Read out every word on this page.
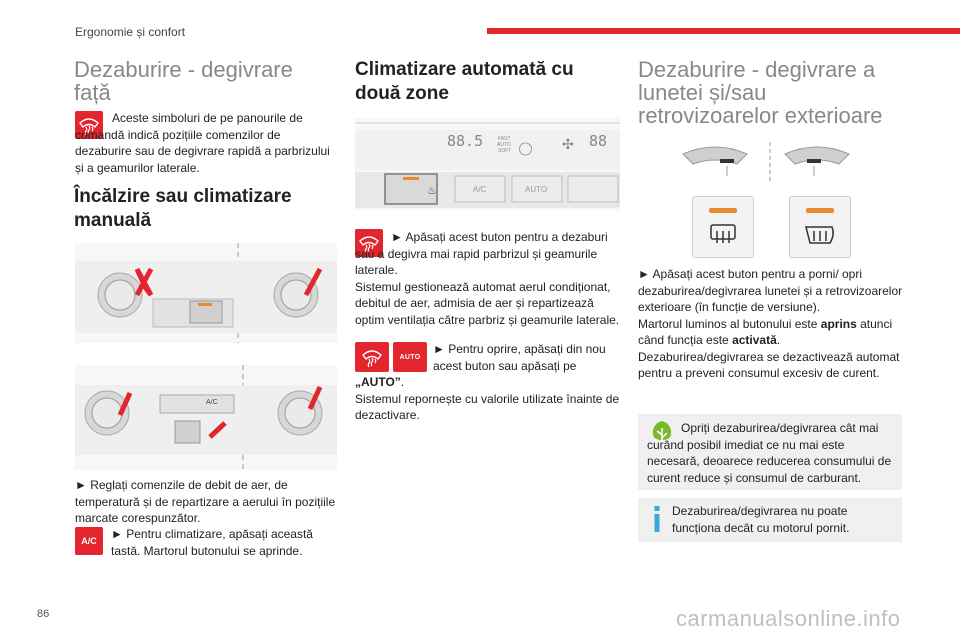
Ergonomie și confort
Dezaburire - degivrare față

Aceste simboluri de pe panourile de comandă indică pozițiile comenzilor de dezaburire sau de degivrare rapidă a parbrizului și a geamurilor laterale.

Încălzire sau climatizare manuală
A/C

► Reglați comenzile de debit de aer, de temperatură și de repartizare a aerului în pozițiile marcate corespunzător.

A/C ► Pentru climatizare, apăsați această tastă. Martorul butonului se aprinde.

Climatizare automată cu două zone
88.5	FAST
AUTO
SOFT	✣ 88
♨	A/C	AUTO

► Apăsați acest buton pentru a dezaburi sau a degivra mai rapid parbrizul și geamurile laterale.

Sistemul gestionează automat aerul condiționat, debitul de aer, admisia de aer și repartizează optim ventilația către parbriz și geamurile laterale.

AUTO

► Pentru oprire, apăsați din nou acest buton sau apăsați pe

„AUTO”.

Sistemul repornește cu valorile utilizate înainte de dezactivare.

Dezaburire - degivrare a lunetei și/sau retrovizoarelor exterioare

► Apăsați acest buton pentru a porni/ opri dezaburirea/degivrarea lunetei și a retrovizoarelor exterioare (în funcție de versiune).

Martorul luminos al butonului este aprins atunci când funcția este activată.

Dezaburirea/degivrarea se dezactivează automat pentru a preveni consumul excesiv de curent.

Opriți dezaburirea/degivrarea cât mai curând posibil imediat ce nu mai este necesară, deoarece reducerea consumului de curent reduce și consumul de carburant.

Dezaburirea/degivrarea nu poate funcționa decât cu motorul pornit.

86	carmanualsonline.info
